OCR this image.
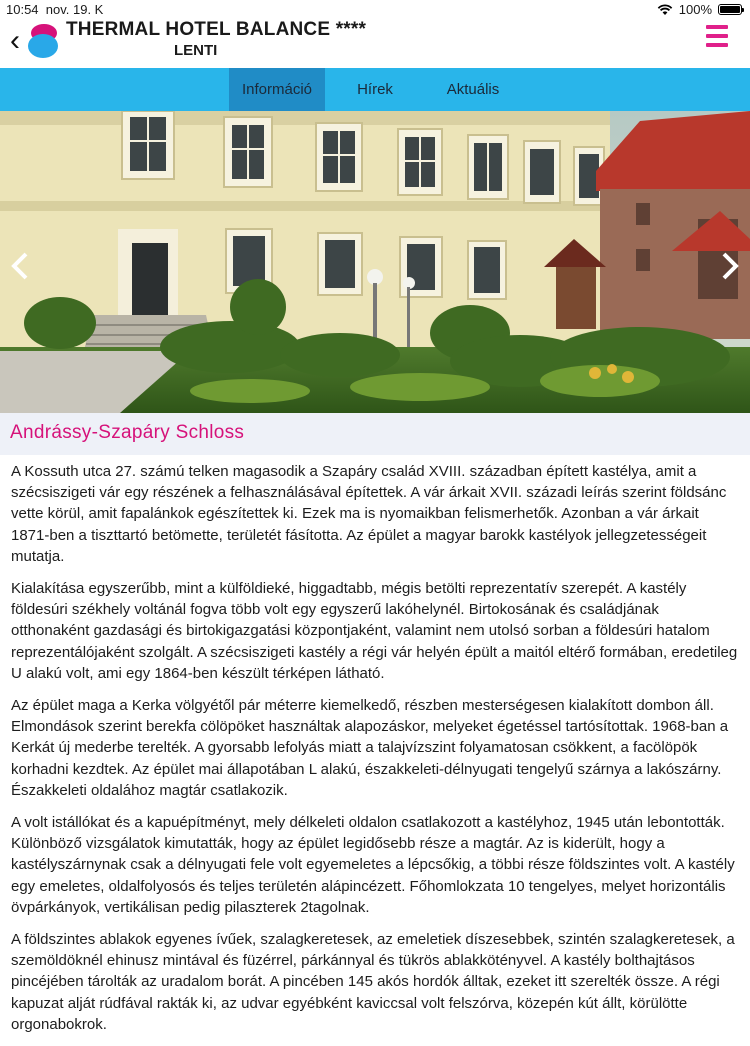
10:54 nov. 19. K	100%
‹ THERMAL HOTEL BALANCE ****
LENTI
Információ	Hírek	Aktuális
Andrássy-Szapáry Schloss

A Kossuth utca 27. számú telken magasodik a Szapáry család XVIII. században épített kastélya, amit a szécsiszigeti vár egy részének a felhasználásával építettek. A vár árkait XVII. századi leírás szerint földsánc vette körül, amit fapalánkok egészítettek ki. Ezek ma is nyomaikban felismerhetők. Azonban a vár árkait 1871-ben a tiszttartó betömette, területét fásította. Az épület a magyar barokk kastélyok jellegzetességeit mutatja.

Kialakítása egyszerűbb, mint a külföldieké, higgadtabb, mégis betölti reprezentatív szerepét. A kastély földesúri székhely voltánál fogva több volt egy egyszerű lakóhelynél. Birtokosának és családjának otthonaként gazdasági és birtokigazgatási központjaként, valamint nem utolsó sorban a földesúri hatalom reprezentálójaként szolgált. A szécsiszigeti kastély a régi vár helyén épült a maitól eltérő formában, eredetileg U alakú volt, ami egy 1864-ben készült térképen látható.

Az épület maga a Kerka völgyétől pár méterre kiemelkedő, részben mesterségesen kialakított dombon áll. Elmondások szerint berekfa cölöpöket használtak alapozáskor, melyeket égetéssel tartósítottak. 1968-ban a Kerkát új mederbe terelték. A gyorsabb lefolyás miatt a talajvízszint folyamatosan csökkent, a facölöpök korhadni kezdtek. Az épület mai állapotában L alakú, északkeleti-délnyugati tengelyű szárnya a lakószárny. Északkeleti oldalához magtár csatlakozik.

A volt istállókat és a kapuépítményt, mely délkeleti oldalon csatlakozott a kastélyhoz, 1945 után lebontották. Különböző vizsgálatok kimutatták, hogy az épület legidősebb része a magtár. Az is kiderült, hogy a kastélyszárnynak csak a délnyugati fele volt egyemeletes a lépcsőkig, a többi része földszintes volt. A kastély egy emeletes, oldalfolyosós és teljes területén alápincézett. Főhomlokzata 10 tengelyes, melyet horizontális övpárkányok, vertikálisan pedig pilaszterek 2tagolnak.

A földszintes ablakok egyenes ívűek, szalagkeretesek, az emeletiek díszesebbek, szintén szalagkeretesek, a szemöldöknél ehinusz mintával és füzérrel, párkánnyal és tükrös ablakkötényvel. A kastély bolthajtásos pincéjében tárolták az uradalom borát. A pincében 145 akós hordók álltak, ezeket itt szerelték össze. A régi kapuzat alját rúdfával rakták ki, az udvar egyébként kaviccsal volt felszórva, közepén kút állt, körülötte orgonabokrok.
